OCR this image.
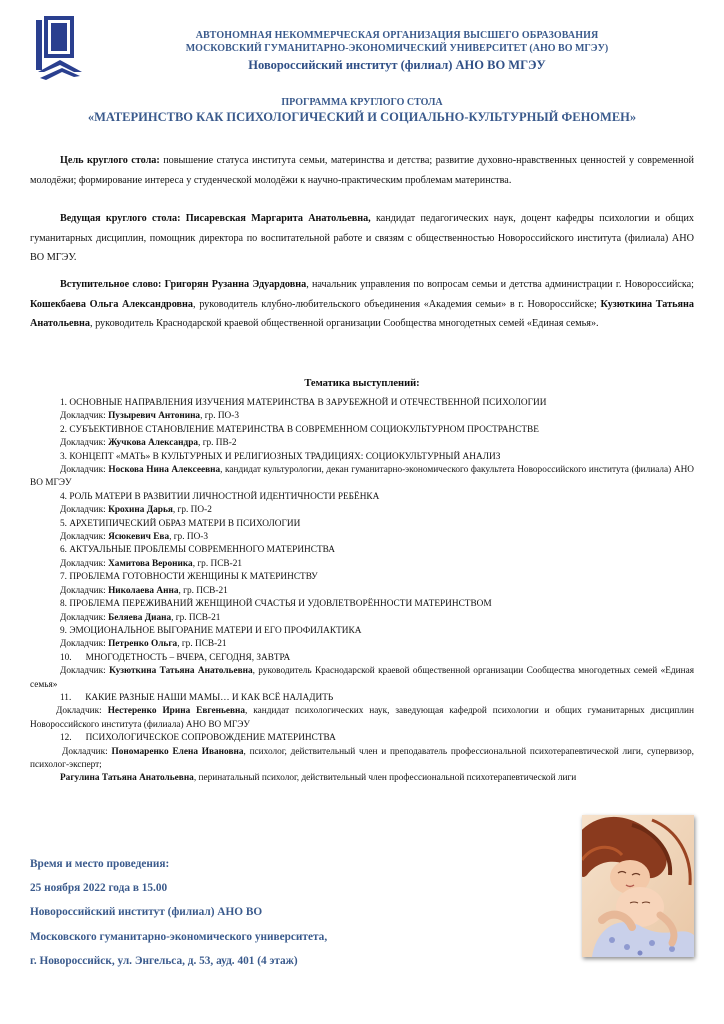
АВТОНОМНАЯ НЕКОММЕРЧЕСКАЯ ОРГАНИЗАЦИЯ ВЫСШЕГО ОБРАЗОВАНИЯ
МОСКОВСКИЙ ГУМАНИТАРНО-ЭКОНОМИЧЕСКИЙ УНИВЕРСИТЕТ (АНО ВО МГЭУ)
Новороссийский институт (филиал) АНО ВО МГЭУ
ПРОГРАММА КРУГЛОГО СТОЛА
«МАТЕРИНСТВО КАК ПСИХОЛОГИЧЕСКИЙ И СОЦИАЛЬНО-КУЛЬТУРНЫЙ ФЕНОМЕН»

Цель круглого стола: повышение статуса института семьи, материнства и детства; развитие духовно-нравственных ценностей у современной молодёжи; формирование интереса у студенческой молодёжи к научно-практическим проблемам материнства.

Ведущая круглого стола: Писаревская Маргарита Анатольевна, кандидат педагогических наук, доцент кафедры психологии и общих гуманитарных дисциплин, помощник директора по воспитательной работе и связям с общественностью Новороссийского института (филиала) АНО ВО МГЭУ.

Вступительное слово: Григорян Рузанна Эдуардовна, начальник управления по вопросам семьи и детства администрации г. Новороссийска; Кошекбаева Ольга Александровна, руководитель клубно-любительского объединения «Академия семьи» в г. Новороссийске; Кузюткина Татьяна Анатольевна, руководитель Краснодарской краевой общественной организации Сообщества многодетных семей «Единая семья».

Тематика выступлений:

1. ОСНОВНЫЕ НАПРАВЛЕНИЯ ИЗУЧЕНИЯ МАТЕРИНСТВА В ЗАРУБЕЖНОЙ И ОТЕЧЕСТВЕННОЙ ПСИХОЛОГИИ

Докладчик: Пузыревич Антонина, гр. ПО-3

2. СУБЪЕКТИВНОЕ СТАНОВЛЕНИЕ МАТЕРИНСТВА В СОВРЕМЕННОМ СОЦИОКУЛЬТУРНОМ ПРОСТРАНСТВЕ

Докладчик: Жучкова Александра, гр. ПВ-2

3. КОНЦЕПТ «МАТЬ» В КУЛЬТУРНЫХ И РЕЛИГИОЗНЫХ ТРАДИЦИЯХ: СОЦИОКУЛЬТУРНЫЙ АНАЛИЗ

Докладчик: Носкова Нина Алексеевна, кандидат культурологии, декан гуманитарно-экономического факультета Новороссийского института (филиала) АНО ВО МГЭУ

4. РОЛЬ МАТЕРИ В РАЗВИТИИ ЛИЧНОСТНОЙ ИДЕНТИЧНОСТИ РЕБЁНКА

Докладчик: Крохина Дарья, гр. ПО-2

5. АРХЕТИПИЧЕСКИЙ ОБРАЗ МАТЕРИ В ПСИХОЛОГИИ

Докладчик: Ясюкевич Ева, гр. ПО-3

6. АКТУАЛЬНЫЕ ПРОБЛЕМЫ СОВРЕМЕННОГО МАТЕРИНСТВА

Докладчик: Хамитова Вероника, гр. ПСВ-21

7. ПРОБЛЕМА ГОТОВНОСТИ ЖЕНЩИНЫ К МАТЕРИНСТВУ

Докладчик: Николаева Анна, гр. ПСВ-21

8. ПРОБЛЕМА ПЕРЕЖИВАНИЙ ЖЕНЩИНОЙ СЧАСТЬЯ И УДОВЛЕТВОРЁННОСТИ МАТЕРИНСТВОМ

Докладчик: Беляева Диана, гр. ПСВ-21

9. ЭМОЦИОНАЛЬНОЕ ВЫГОРАНИЕ МАТЕРИ И ЕГО ПРОФИЛАКТИКА

Докладчик: Петренко Ольга, гр. ПСВ-21

10. МНОГОДЕТНОСТЬ – ВЧЕРА, СЕГОДНЯ, ЗАВТРА

Докладчик: Кузюткина Татьяна Анатольевна, руководитель Краснодарской краевой общественной организации Сообщества многодетных семей «Единая семья»

11. КАКИЕ РАЗНЫЕ НАШИ МАМЫ… И КАК ВСЁ НАЛАДИТЬ

Докладчик: Нестеренко Ирина Евгеньевна, кандидат психологических наук, заведующая кафедрой психологии и общих гуманитарных дисциплин Новороссийского института (филиала) АНО ВО МГЭУ

12. ПСИХОЛОГИЧЕСКОЕ СОПРОВОЖДЕНИЕ МАТЕРИНСТВА

Докладчик: Пономаренко Елена Ивановна, психолог, действительный член и преподаватель профессиональной психотерапевтической лиги, супервизор, психолог-эксперт;

Рагулина Татьяна Анатольевна, перинатальный психолог, действительный член профессиональной психотерапевтической лиги

Время и место проведения:
25 ноября 2022 года в 15.00
Новороссийский институт (филиал) АНО ВО
Московского гуманитарно-экономического университета,
г. Новороссийск, ул. Энгельса, д. 53, ауд. 401 (4 этаж)
